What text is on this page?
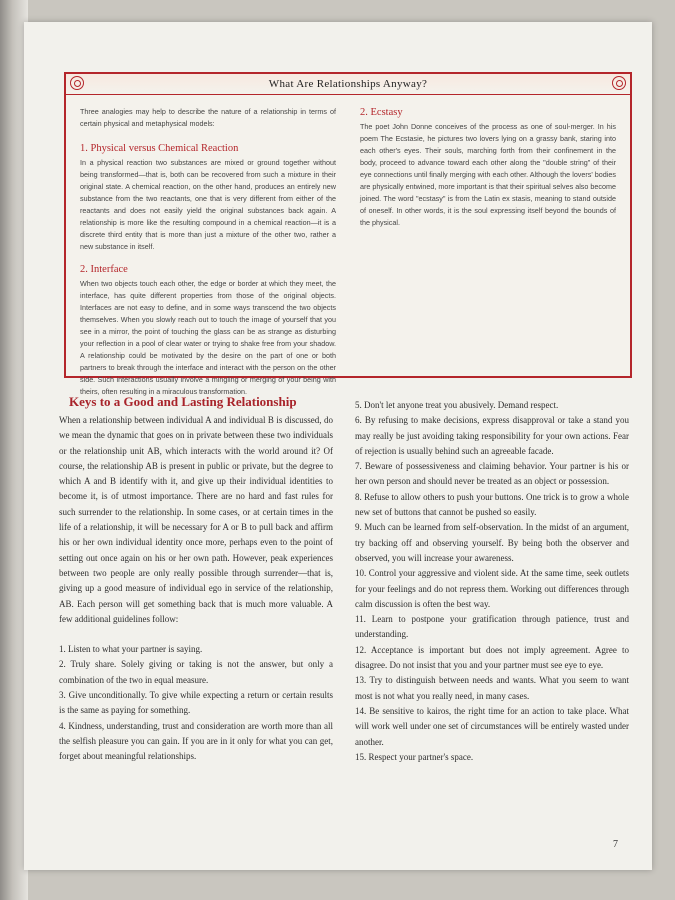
What Are Relationships Anyway?

Three analogies may help to describe the nature of a relationship in terms of certain physical and metaphysical models:

1. Physical versus Chemical Reaction

In a physical reaction two substances are mixed or ground together without being transformed—that is, both can be recovered from such a mixture in their original state. A chemical reaction, on the other hand, produces an entirely new substance from the two reactants, one that is very different from either of the reactants and does not easily yield the original substances back again. A relationship is more like the resulting compound in a chemical reaction—it is a discrete third entity that is more than just a mixture of the other two, rather a new substance in itself.

2. Interface

When two objects touch each other, the edge or border at which they meet, the interface, has quite different properties from those of the original objects. Interfaces are not easy to define, and in some ways transcend the two objects themselves. When you slowly reach out to touch the image of yourself that you see in a mirror, the point of touching the glass can be as strange as disturbing your reflection in a pool of clear water or trying to shake free from your shadow. A relationship could be motivated by the desire on the part of one or both partners to break through the interface and interact with the person on the other side. Such interactions usually involve a mingling or merging of your being with theirs, often resulting in a miraculous transformation.

2. Ecstasy

The poet John Donne conceives of the process as one of soul-merger. In his poem The Ecstasie, he pictures two lovers lying on a grassy bank, staring into each other's eyes. Their souls, marching forth from their confinement in the body, proceed to advance toward each other along the "double string" of their eye connections until finally merging with each other. Although the lovers' bodies are physically entwined, more important is that their spiritual selves also become joined. The word "ecstasy" is from the Latin ex stasis, meaning to stand outside of oneself. In other words, it is the soul expressing itself beyond the bounds of the physical.

Keys to a Good and Lasting Relationship

When a relationship between individual A and individual B is discussed, do we mean the dynamic that goes on in private between these two individuals or the relationship unit AB, which interacts with the world around it? Of course, the relationship AB is present in public or private, but the degree to which A and B identify with it, and give up their individual identities to become it, is of utmost importance. There are no hard and fast rules for such surrender to the relationship. In some cases, or at certain times in the life of a relationship, it will be necessary for A or B to pull back and affirm his or her own individual identity once more, perhaps even to the point of setting out once again on his or her own path. However, peak experiences between two people are only really possible through surrender—that is, giving up a good measure of individual ego in service of the relationship, AB. Each person will get something back that is much more valuable. A few additional guidelines follow:

1. Listen to what your partner is saying.

2. Truly share. Solely giving or taking is not the answer, but only a combination of the two in equal measure.

3. Give unconditionally. To give while expecting a return or certain results is the same as paying for something.

4. Kindness, understanding, trust and consideration are worth more than all the selfish pleasure you can gain. If you are in it only for what you can get, forget about meaningful relationships.

5. Don't let anyone treat you abusively. Demand respect.

6. By refusing to make decisions, express disapproval or take a stand you may really be just avoiding taking responsibility for your own actions. Fear of rejection is usually behind such an agreeable facade.

7. Beware of possessiveness and claiming behavior. Your partner is his or her own person and should never be treated as an object or possession.

8. Refuse to allow others to push your buttons. One trick is to grow a whole new set of buttons that cannot be pushed so easily.

9. Much can be learned from self-observation. In the midst of an argument, try backing off and observing yourself. By being both the observer and observed, you will increase your awareness.

10. Control your aggressive and violent side. At the same time, seek outlets for your feelings and do not repress them. Working out differences through calm discussion is often the best way.

11. Learn to postpone your gratification through patience, trust and understanding.

12. Acceptance is important but does not imply agreement. Agree to disagree. Do not insist that you and your partner must see eye to eye.

13. Try to distinguish between needs and wants. What you seem to want most is not what you really need, in many cases.

14. Be sensitive to kairos, the right time for an action to take place. What will work well under one set of circumstances will be entirely wasted under another.

15. Respect your partner's space.

7
